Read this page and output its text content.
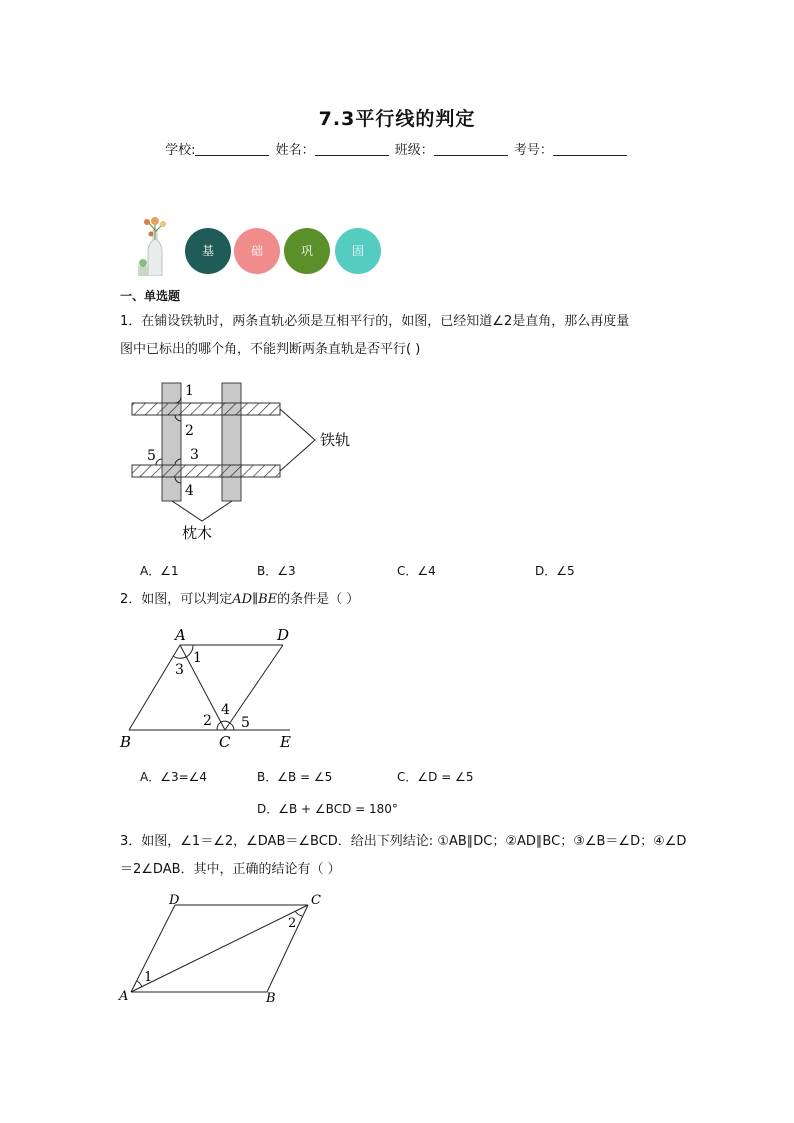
7.3平行线的判定
学校:	姓名：	班级：	考号：
基	础	巩	固
一、单选题
1．在铺设铁轨时，两条直轨必须是互相平行的，如图，已经知道∠2是直角，那么再度量
图中已标出的哪个角，不能判断两条直轨是否平行( )
1
2
3
4
5
铁轨
枕木
A．∠1	B．∠3	C．∠4	D．∠5
2．如图，可以判定AD∥BE的条件是（ ）
A	D
B	C	E
1
3
4
2 5
A．∠3=∠4	B．∠B = ∠5	C．∠D = ∠5
D．∠B + ∠BCD = 180°
3．如图，∠1＝∠2，∠DAB＝∠BCD．给出下列结论: ①AB∥DC；②AD∥BC；③∠B＝∠D；④∠D
＝2∠DAB．其中，正确的结论有（ ）
D	C
A	B
1
2
